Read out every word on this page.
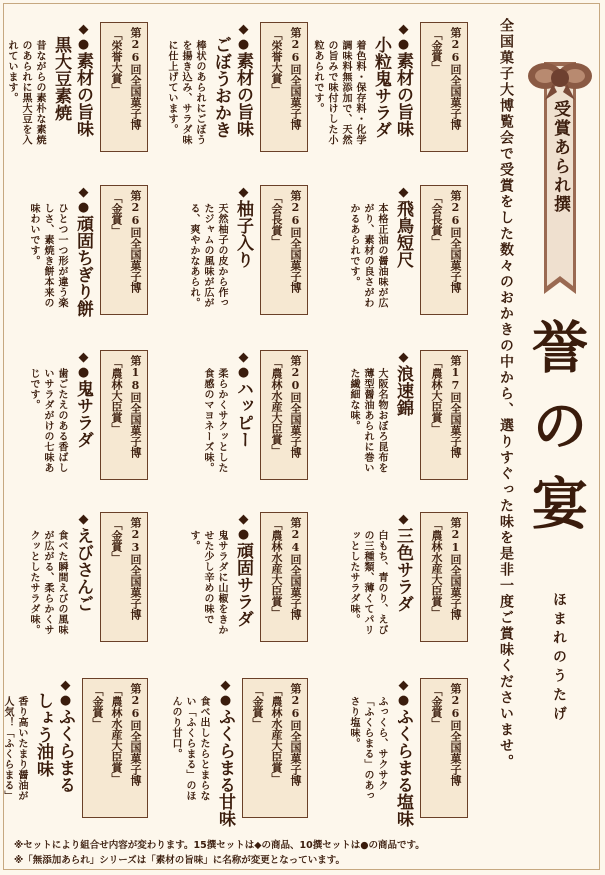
全国菓子大博覧会で受賞をした数々のおかきの中から、選りすぐった味を是非一度ご賞味くださいませ。 受賞あられ撰
誉の宴
ほまれのうたげ
第26回全国菓子博「金賞」
◆●素材の旨味小粒鬼サラダ
着色料・保存料・化学調味料無添加で、天然の旨みで味付けした小粒あられです。
第26回全国菓子博「栄誉大賞」
◆●素材の旨味ごぼうおかき
棒状のあられにごぼうを揚き込み、サラダ味に仕上げています。
第26回全国菓子博「栄誉大賞」
◆●素材の旨味黒大豆素焼
昔ながらの素朴な素焼のあられに黒大豆を入れています。
第26回全国菓子博「会長賞」
◆飛鳥短尺
本格正油の醤油味が広がり、素材の良さがわかるあられです。
第26回全国菓子博「会長賞」
◆柚子入り
天然柚子の皮から作ったジャムの風味が広がる、爽やかなあられ。
第26回全国菓子博「金賞」
◆●頑固ちぎり餅
ひとつ一つ形が違う楽しさ、素焼き餅本来の味わいです。
第17回全国菓子博「農林大臣賞」
◆浪速錦
大阪名物おぼろ昆布を薄型醤油あられに巻いた繊細な味。
第20回全国菓子博「農林水産大臣賞」
◆●ハッピー
柔らかくサクッとした食感のマヨネーズ味。
第18回全国菓子博「農林大臣賞」
◆●鬼サラダ
歯ごたえのある香ばしいサラダがけの七味あじです。
第21回全国菓子博「農林水産大臣賞」
◆三色サラダ
白もち、青のり、えびの三種類、薄くてパリッとしたサラダ味。
第24回全国菓子博「農林水産大臣賞」
◆●頑固サラダ
鬼サラダに山椒をきかせた少し辛めの味です。
第23回全国菓子博「金賞」
◆えびさんご
食べた瞬間えびの風味が広がる、柔らかくサクッとしたサラダ味。
第26回全国菓子博「金賞」
◆●ふくらまる塩味
ふっくら、サクサク「ふくらまる」のあっさり塩味。
第26回全国菓子博「農林水産大臣賞」「金賞」
◆●ふくらまる甘味
食べ出したらとまらない「ふくらまる」のほんのり甘口。
第26回全国菓子博「農林水産大臣賞」「金賞」
◆●ふくらまるしょう油味
香り高いたまり醤油が人気！「ふくらまる」
※セットにより組合せ内容が変わります。15撰セットは◆の商品、10撰セットは●の商品です。
※「無添加あられ」シリーズは「素材の旨味」に名称が変更となっています。
